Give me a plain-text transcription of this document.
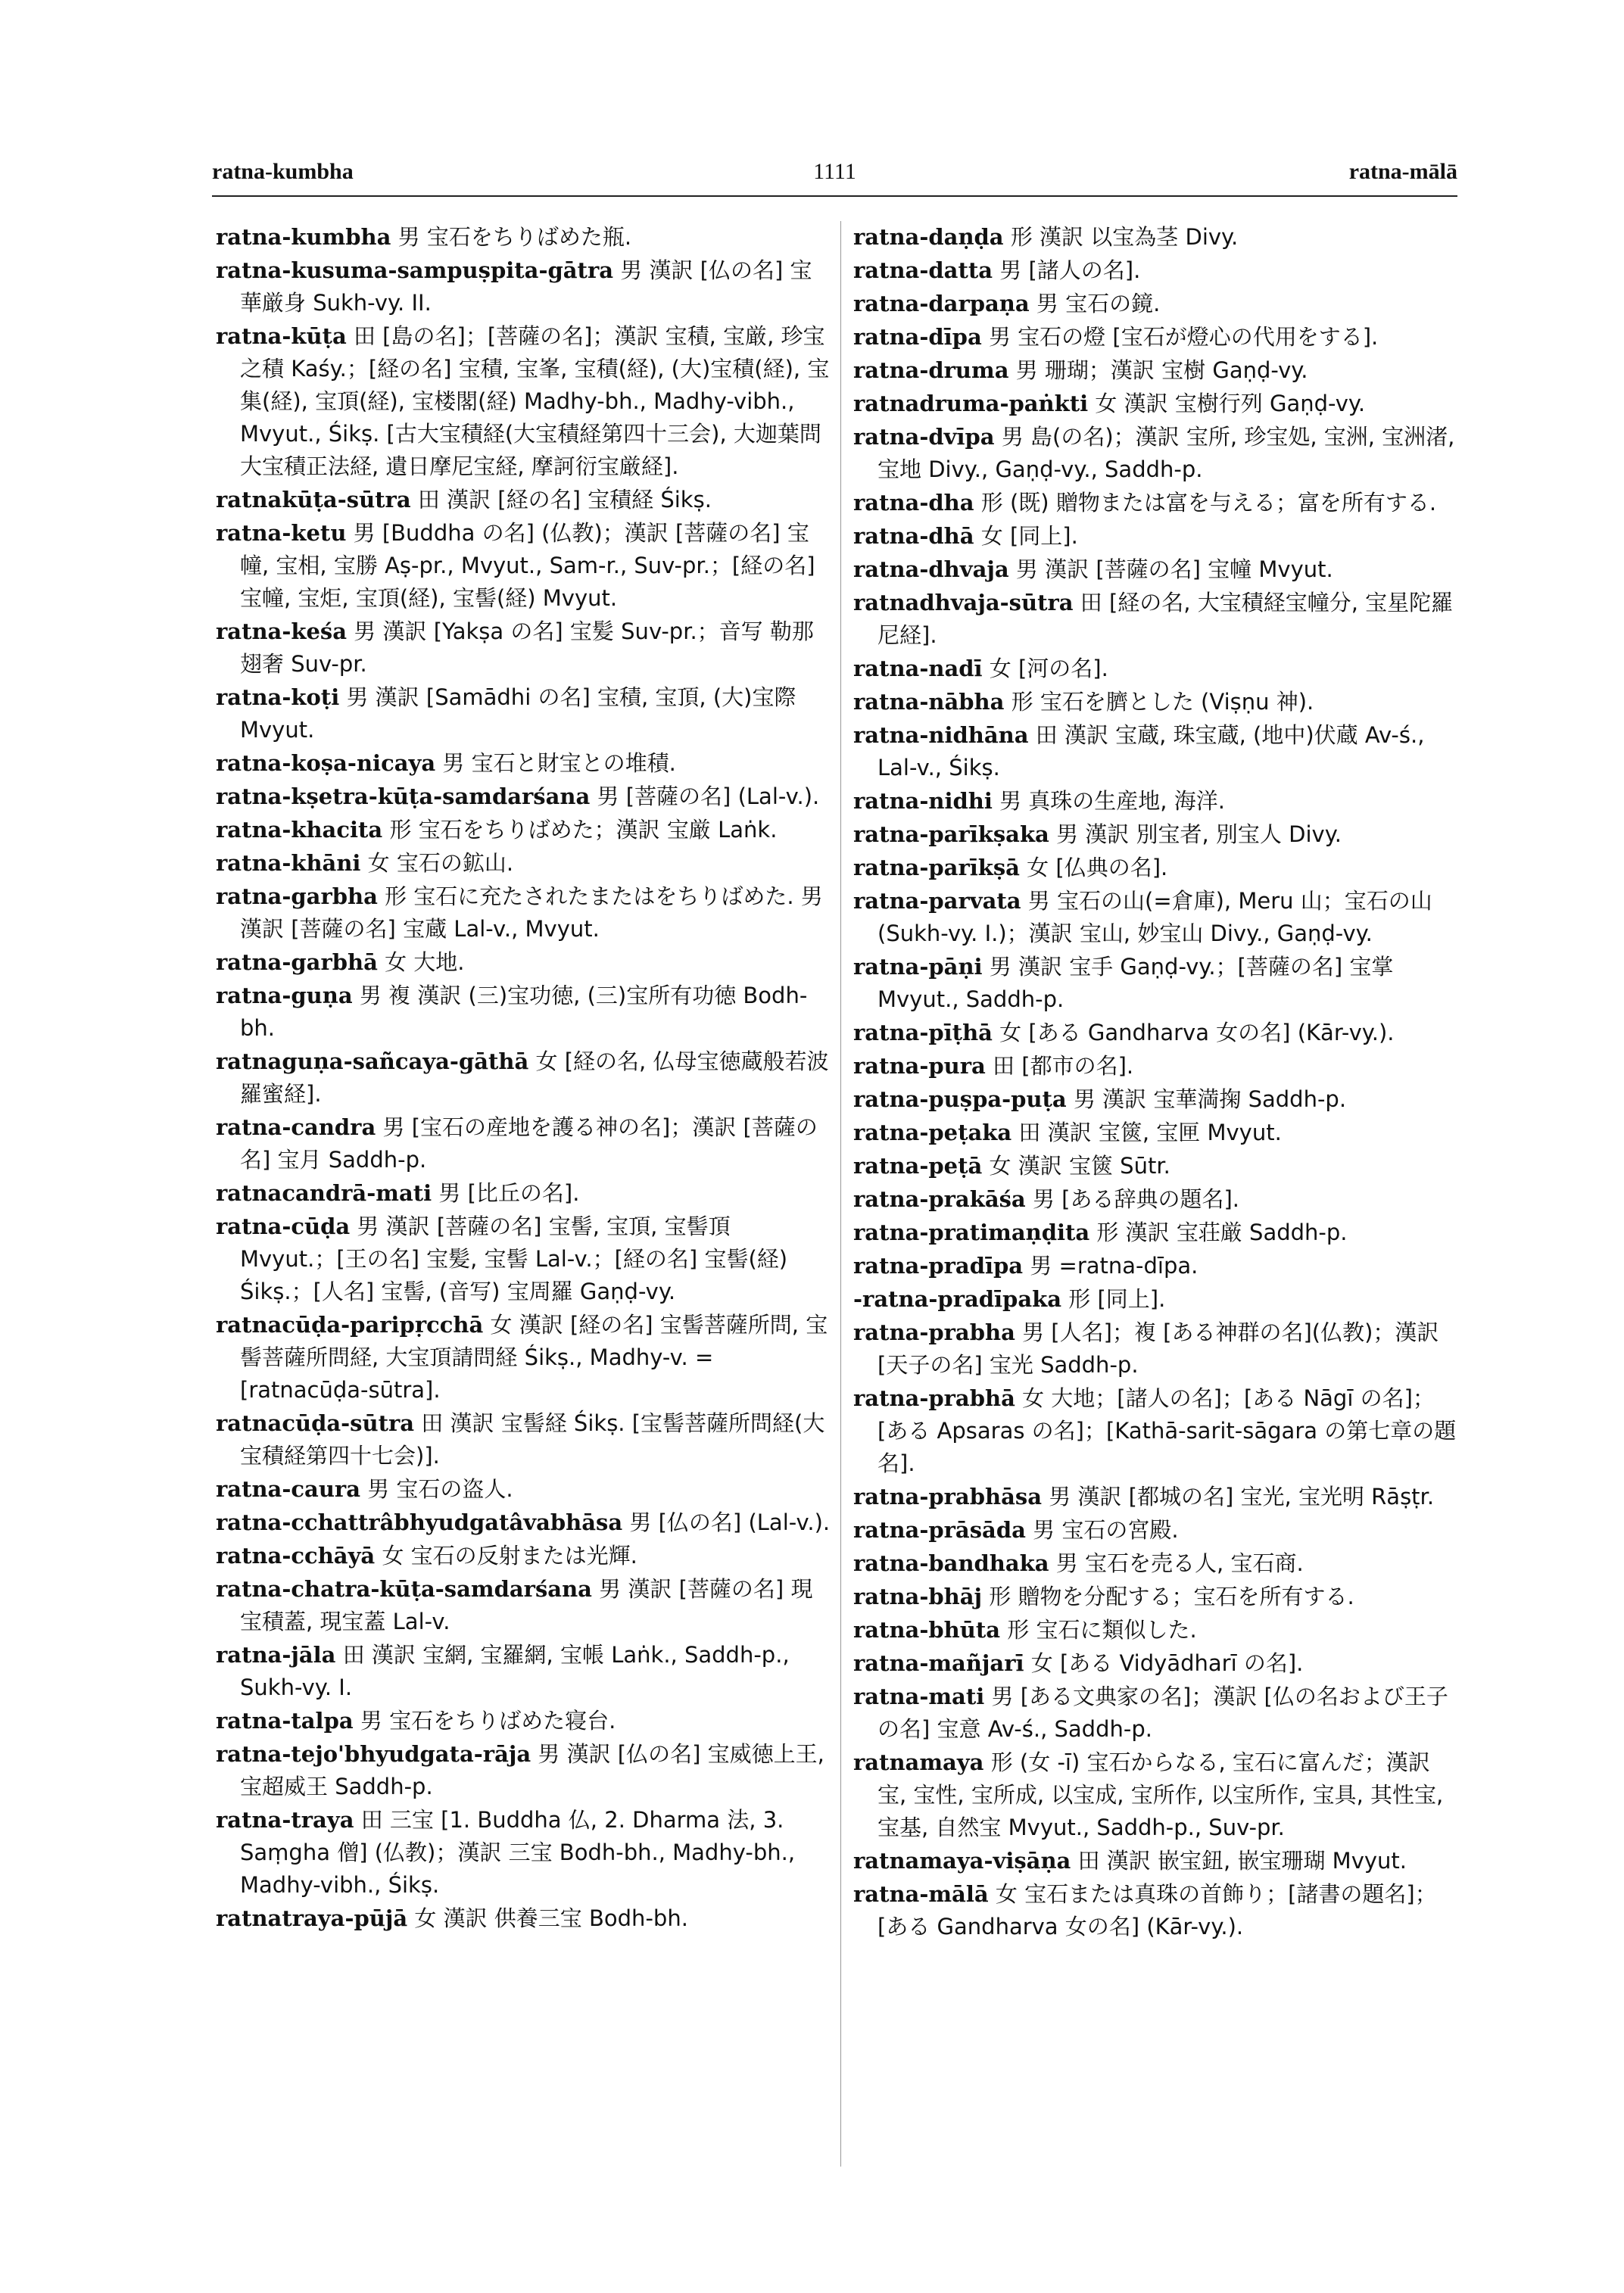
ratna-kumbha	1111	ratna-mālā

ratna-kumbha 男 宝石をちりばめた瓶.

ratna-kusuma-sampuṣpita-gātra 男 漢訳 [仏の名] 宝華厳身 Sukh-vy. II.

ratna-kūṭa 田 [島の名]；[菩薩の名]；漢訳 宝積, 宝厳, 珍宝之積 Kaśy.；[経の名] 宝積, 宝峯, 宝積(経), (大)宝積(経), 宝集(経), 宝頂(経), 宝楼閣(経) Madhy-bh., Madhy-vibh., Mvyut., Śikṣ. [古大宝積経(大宝積経第四十三会), 大迦葉問大宝積正法経, 遺日摩尼宝経, 摩訶衍宝厳経].

ratnakūṭa-sūtra 田 漢訳 [経の名] 宝積経 Śikṣ.

ratna-ketu 男 [Buddha の名] (仏教)；漢訳 [菩薩の名] 宝幢, 宝相, 宝勝 Aṣ-pr., Mvyut., Sam-r., Suv-pr.；[経の名] 宝幢, 宝炬, 宝頂(経), 宝髻(経) Mvyut.

ratna-keśa 男 漢訳 [Yakṣa の名] 宝髪 Suv-pr.；音写 勒那翅奢 Suv-pr.

ratna-koṭi 男 漢訳 [Samādhi の名] 宝積, 宝頂, (大)宝際 Mvyut.

ratna-koṣa-nicaya 男 宝石と財宝との堆積.

ratna-kṣetra-kūṭa-samdarśana 男 [菩薩の名] (Lal-v.).

ratna-khacita 形 宝石をちりばめた；漢訳 宝厳 Laṅk.

ratna-khāni 女 宝石の鉱山.

ratna-garbha 形 宝石に充たされたまたはをちりばめた. 男 漢訳 [菩薩の名] 宝蔵 Lal-v., Mvyut.

ratna-garbhā 女 大地.

ratna-guṇa 男 複 漢訳 (三)宝功徳, (三)宝所有功徳 Bodh-bh.

ratnaguṇa-sañcaya-gāthā 女 [経の名, 仏母宝徳蔵般若波羅蜜経].

ratna-candra 男 [宝石の産地を護る神の名]；漢訳 [菩薩の名] 宝月 Saddh-p.

ratnacandrā-mati 男 [比丘の名].

ratna-cūḍa 男 漢訳 [菩薩の名] 宝髻, 宝頂, 宝髻頂 Mvyut.；[王の名] 宝髪, 宝髻 Lal-v.；[経の名] 宝髻(経) Śikṣ.；[人名] 宝髻, (音写) 宝周羅 Gaṇḍ-vy.

ratnacūḍa-paripṛcchā 女 漢訳 [経の名] 宝髻菩薩所問, 宝髻菩薩所問経, 大宝頂請問経 Śikṣ., Madhy-v. =[ratnacūḍa-sūtra].

ratnacūḍa-sūtra 田 漢訳 宝髻経 Śikṣ. [宝髻菩薩所問経(大宝積経第四十七会)].

ratna-caura 男 宝石の盗人.

ratna-cchattrâbhyudgatâvabhāsa 男 [仏の名] (Lal-v.).

ratna-cchāyā 女 宝石の反射または光輝.

ratna-chatra-kūṭa-samdarśana 男 漢訳 [菩薩の名] 現宝積蓋, 現宝蓋 Lal-v.

ratna-jāla 田 漢訳 宝網, 宝羅網, 宝帳 Laṅk., Saddh-p., Sukh-vy. I.

ratna-talpa 男 宝石をちりばめた寝台.

ratna-tejo'bhyudgata-rāja 男 漢訳 [仏の名] 宝威徳上王, 宝超威王 Saddh-p.

ratna-traya 田 三宝 [1. Buddha 仏, 2. Dharma 法, 3. Saṃgha 僧] (仏教)；漢訳 三宝 Bodh-bh., Madhy-bh., Madhy-vibh., Śikṣ.

ratnatraya-pūjā 女 漢訳 供養三宝 Bodh-bh.

ratna-daṇḍa 形 漢訳 以宝為茎 Divy.

ratna-datta 男 [諸人の名].

ratna-darpaṇa 男 宝石の鏡.

ratna-dīpa 男 宝石の燈 [宝石が燈心の代用をする].

ratna-druma 男 珊瑚；漢訳 宝樹 Gaṇḍ-vy.

ratnadruma-paṅkti 女 漢訳 宝樹行列 Gaṇḍ-vy.

ratna-dvīpa 男 島(の名)；漢訳 宝所, 珍宝処, 宝洲, 宝洲渚, 宝地 Divy., Gaṇḍ-vy., Saddh-p.

ratna-dha 形 (既) 贈物または富を与える；富を所有する.

ratna-dhā 女 [同上].

ratna-dhvaja 男 漢訳 [菩薩の名] 宝幢 Mvyut.

ratnadhvaja-sūtra 田 [経の名, 大宝積経宝幢分, 宝星陀羅尼経].

ratna-nadī 女 [河の名].

ratna-nābha 形 宝石を臍とした (Viṣṇu 神).

ratna-nidhāna 田 漢訳 宝蔵, 珠宝蔵, (地中)伏蔵 Av-ś., Lal-v., Śikṣ.

ratna-nidhi 男 真珠の生産地, 海洋.

ratna-parīkṣaka 男 漢訳 別宝者, 別宝人 Divy.

ratna-parīkṣā 女 [仏典の名].

ratna-parvata 男 宝石の山(=倉庫), Meru 山；宝石の山 (Sukh-vy. I.)；漢訳 宝山, 妙宝山 Divy., Gaṇḍ-vy.

ratna-pāṇi 男 漢訳 宝手 Gaṇḍ-vy.；[菩薩の名] 宝掌 Mvyut., Saddh-p.

ratna-pīṭhā 女 [ある Gandharva 女の名] (Kār-vy.).

ratna-pura 田 [都市の名].

ratna-puṣpa-puṭa 男 漢訳 宝華満掬 Saddh-p.

ratna-peṭaka 田 漢訳 宝篋, 宝匣 Mvyut.

ratna-peṭā 女 漢訳 宝篋 Sūtr.

ratna-prakāśa 男 [ある辞典の題名].

ratna-pratimaṇḍita 形 漢訳 宝荘厳 Saddh-p.

ratna-pradīpa 男 =ratna-dīpa.

-ratna-pradīpaka 形 [同上].

ratna-prabha 男 [人名]；複 [ある神群の名](仏教)；漢訳 [天子の名] 宝光 Saddh-p.

ratna-prabhā 女 大地；[諸人の名]；[ある Nāgī の名]；[ある Apsaras の名]；[Kathā-sarit-sāgara の第七章の題名].

ratna-prabhāsa 男 漢訳 [都城の名] 宝光, 宝光明 Rāṣṭr.

ratna-prāsāda 男 宝石の宮殿.

ratna-bandhaka 男 宝石を売る人, 宝石商.

ratna-bhāj 形 贈物を分配する；宝石を所有する.

ratna-bhūta 形 宝石に類似した.

ratna-mañjarī 女 [ある Vidyādharī の名].

ratna-mati 男 [ある文典家の名]；漢訳 [仏の名および王子の名] 宝意 Av-ś., Saddh-p.

ratnamaya 形 (女 -ī) 宝石からなる, 宝石に富んだ；漢訳 宝, 宝性, 宝所成, 以宝成, 宝所作, 以宝所作, 宝具, 其性宝, 宝基, 自然宝 Mvyut., Saddh-p., Suv-pr.

ratnamaya-viṣāṇa 田 漢訳 嵌宝鈕, 嵌宝珊瑚 Mvyut.

ratna-mālā 女 宝石または真珠の首飾り；[諸書の題名]；[ある Gandharva 女の名] (Kār-vy.).
